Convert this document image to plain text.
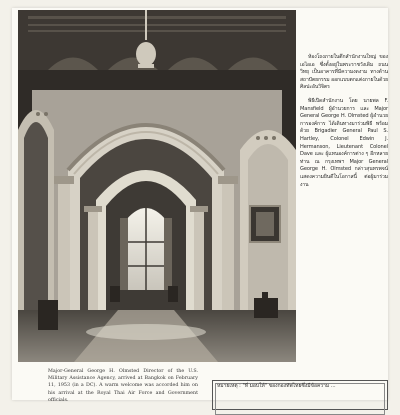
ห้องโถงภายในตึกสำนักงานใหญ่ ของเอไอเอ ซึ่งตั้งอยู่ในพระราชวังเดิม ถนนวิทยุ เป็นอาคารที่มีความงดงาม ทางด้านสถาปัตยกรรม ออกแบบตกแต่งภายในด้วยศิลปะอันวิจิตร

พิธีเปิดสำนักงาน โดย นายพล F. Mansfield ผู้อำนวยการ และ Major General George H. Olmsted ผู้อำนวยการองค์การ ได้เดินทางมาร่วมพิธี พร้อมด้วย Brigadier General Paul S. Hartley, Colonel Edwin J. Hermanson, Lieutenant Colonel Dave และ ผู้แทนองค์การต่าง ๆ อีกหลายท่าน ณ กรุงเทพฯ Major General George H. Olmsted กล่าวสุนทรพจน์แสดงความยินดีในโอกาสนี้ ต่อผู้มาร่วมงาน

Major-General George H. Olmsted Director of the U.S. Military Assistance Agency, arrived at Bangkok on February 11, 1953 (in a DC). A warm welcome was accorded him on his arrival at the Royal Thai Air Force and Government officials.
หมายเหตุ : "ที่ มอบให้" ของกองทัพไทยซึ่งมีข้อความ ...
